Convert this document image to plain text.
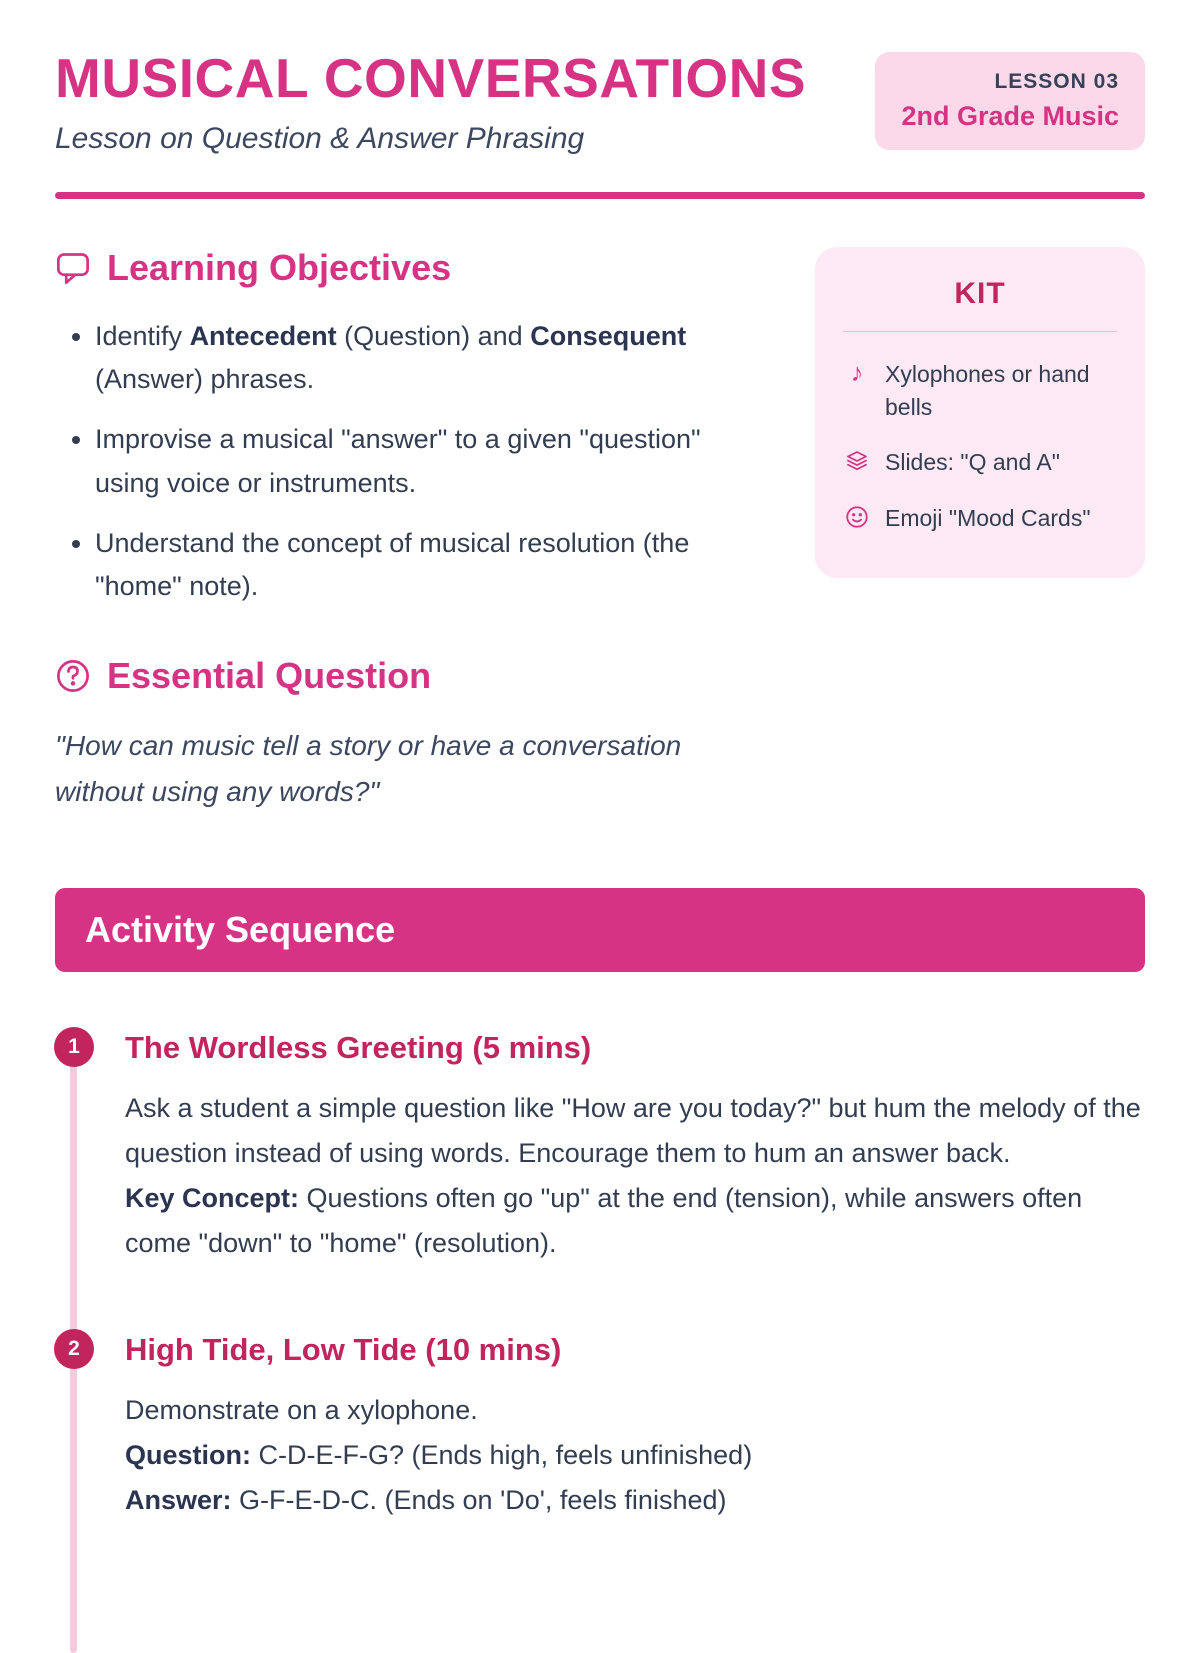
MUSICAL CONVERSATIONS
Lesson on Question & Answer Phrasing
LESSON 03
2nd Grade Music
Learning Objectives
• Identify Antecedent (Question) and Consequent (Answer) phrases.
• Improvise a musical "answer" to a given "question" using voice or instruments.
• Understand the concept of musical resolution (the "home" note).
Essential Question
"How can music tell a story or have a conversation without using any words?"
KIT
♪ Xylophones or hand bells
Slides: "Q and A"
Emoji "Mood Cards"
Activity Sequence
1 The Wordless Greeting (5 mins)

Ask a student a simple question like "How are you today?" but hum the melody of the question instead of using words. Encourage them to hum an answer back.

Key Concept: Questions often go "up" at the end (tension), while answers often come "down" to "home" (resolution).

2 High Tide, Low Tide (10 mins)

Demonstrate on a xylophone.

Question: C-D-E-F-G? (Ends high, feels unfinished)

Answer: G-F-E-D-C. (Ends on 'Do', feels finished)
